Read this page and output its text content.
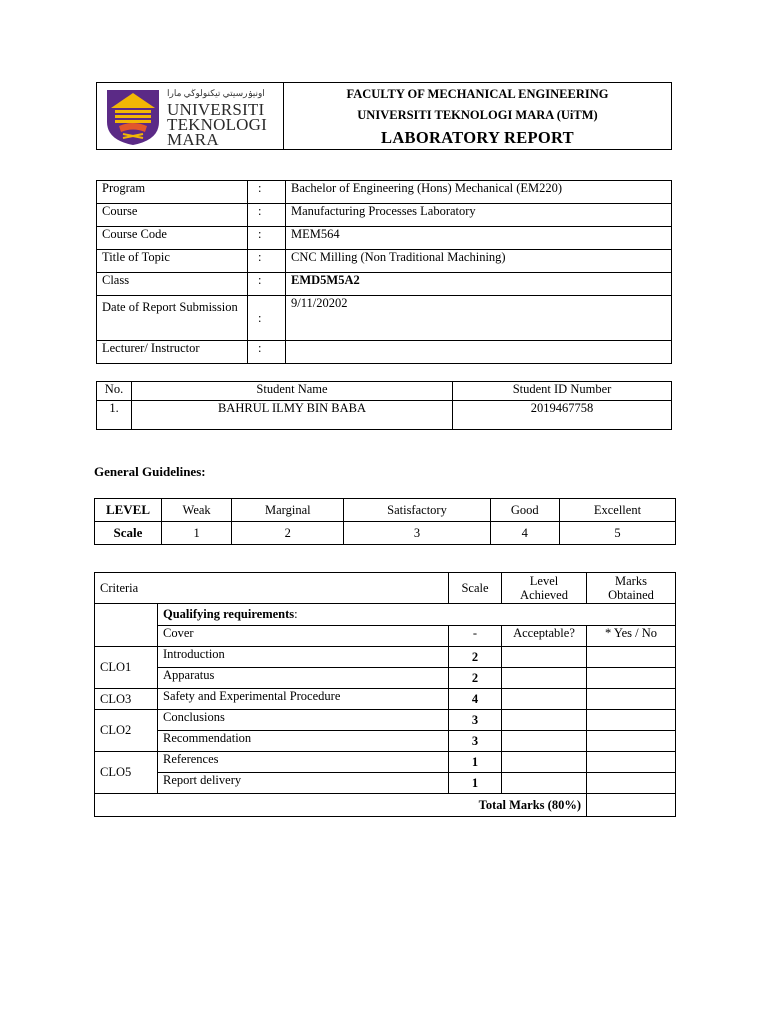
اونيۏرسيتي تيكنولوڬي مارا
UNIVERSITI
TEKNOLOGI
MARA

FACULTY OF MECHANICAL ENGINEERING
UNIVERSITI TEKNOLOGI MARA (UiTM)
LABORATORY REPORT
Program	:	Bachelor of Engineering (Hons) Mechanical (EM220)
Course	:	Manufacturing Processes Laboratory
Course Code	:	MEM564
Title of Topic	:	CNC Milling (Non Traditional Machining)
Class	:	EMD5M5A2
Date of Report Submission	:	9/11/20202
Lecturer/ Instructor	:	
No.	Student Name	Student ID Number
1.	BAHRUL ILMY BIN BABA	2019467758
General Guidelines:
LEVEL	Weak	Marginal	Satisfactory	Good	Excellent
Scale	1	2	3	4	5
Criteria		Scale	Level Achieved	Marks Obtained
	Qualifying requirements:			
	Cover	-	Acceptable?	* Yes / No
CLO1	Introduction	2		
	Apparatus	2		
CLO3	Safety and Experimental Procedure	4		
CLO2	Conclusions	3		
	Recommendation	3		
CLO5	References	1		
	Report delivery	1		
Total Marks (80%)				
